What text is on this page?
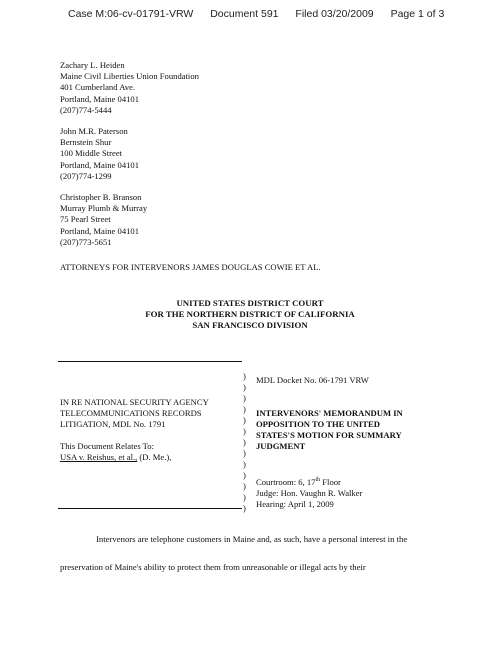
Case M:06-cv-01791-VRW Document 591 Filed 03/20/2009 Page 1 of 3
Zachary L. Heiden
Maine Civil Liberties Union Foundation
401 Cumberland Ave.
Portland, Maine 04101
(207)774-5444
John M.R. Paterson
Bernstein Shur
100 Middle Street
Portland, Maine 04101
(207)774-1299
Christopher B. Branson
Murray Plumb & Murray
75 Pearl Street
Portland, Maine 04101
(207)773-5651
ATTORNEYS FOR INTERVENORS JAMES DOUGLAS COWIE ET AL.
UNITED STATES DISTRICT COURT
FOR THE NORTHERN DISTRICT OF CALIFORNIA
SAN FRANCISCO DIVISION
IN RE NATIONAL SECURITY AGENCY
TELECOMMUNICATIONS RECORDS
LITIGATION, MDL No. 1791
This Document Relates To:
USA v. Reishus, et al., (D. Me.),
)
)
)
)
)
)
)
)
)
)
)
)
)
MDL Docket No. 06-1791 VRW
INTERVENORS' MEMORANDUM IN
OPPOSITION TO THE UNITED
STATES'S MOTION FOR SUMMARY
JUDGMENT
Courtroom: 6, 17th Floor
Judge: Hon. Vaughn R. Walker
Hearing: April 1, 2009
Intervenors are telephone customers in Maine and, as such, have a personal interest in the
preservation of Maine's ability to protect them from unreasonable or illegal acts by their
